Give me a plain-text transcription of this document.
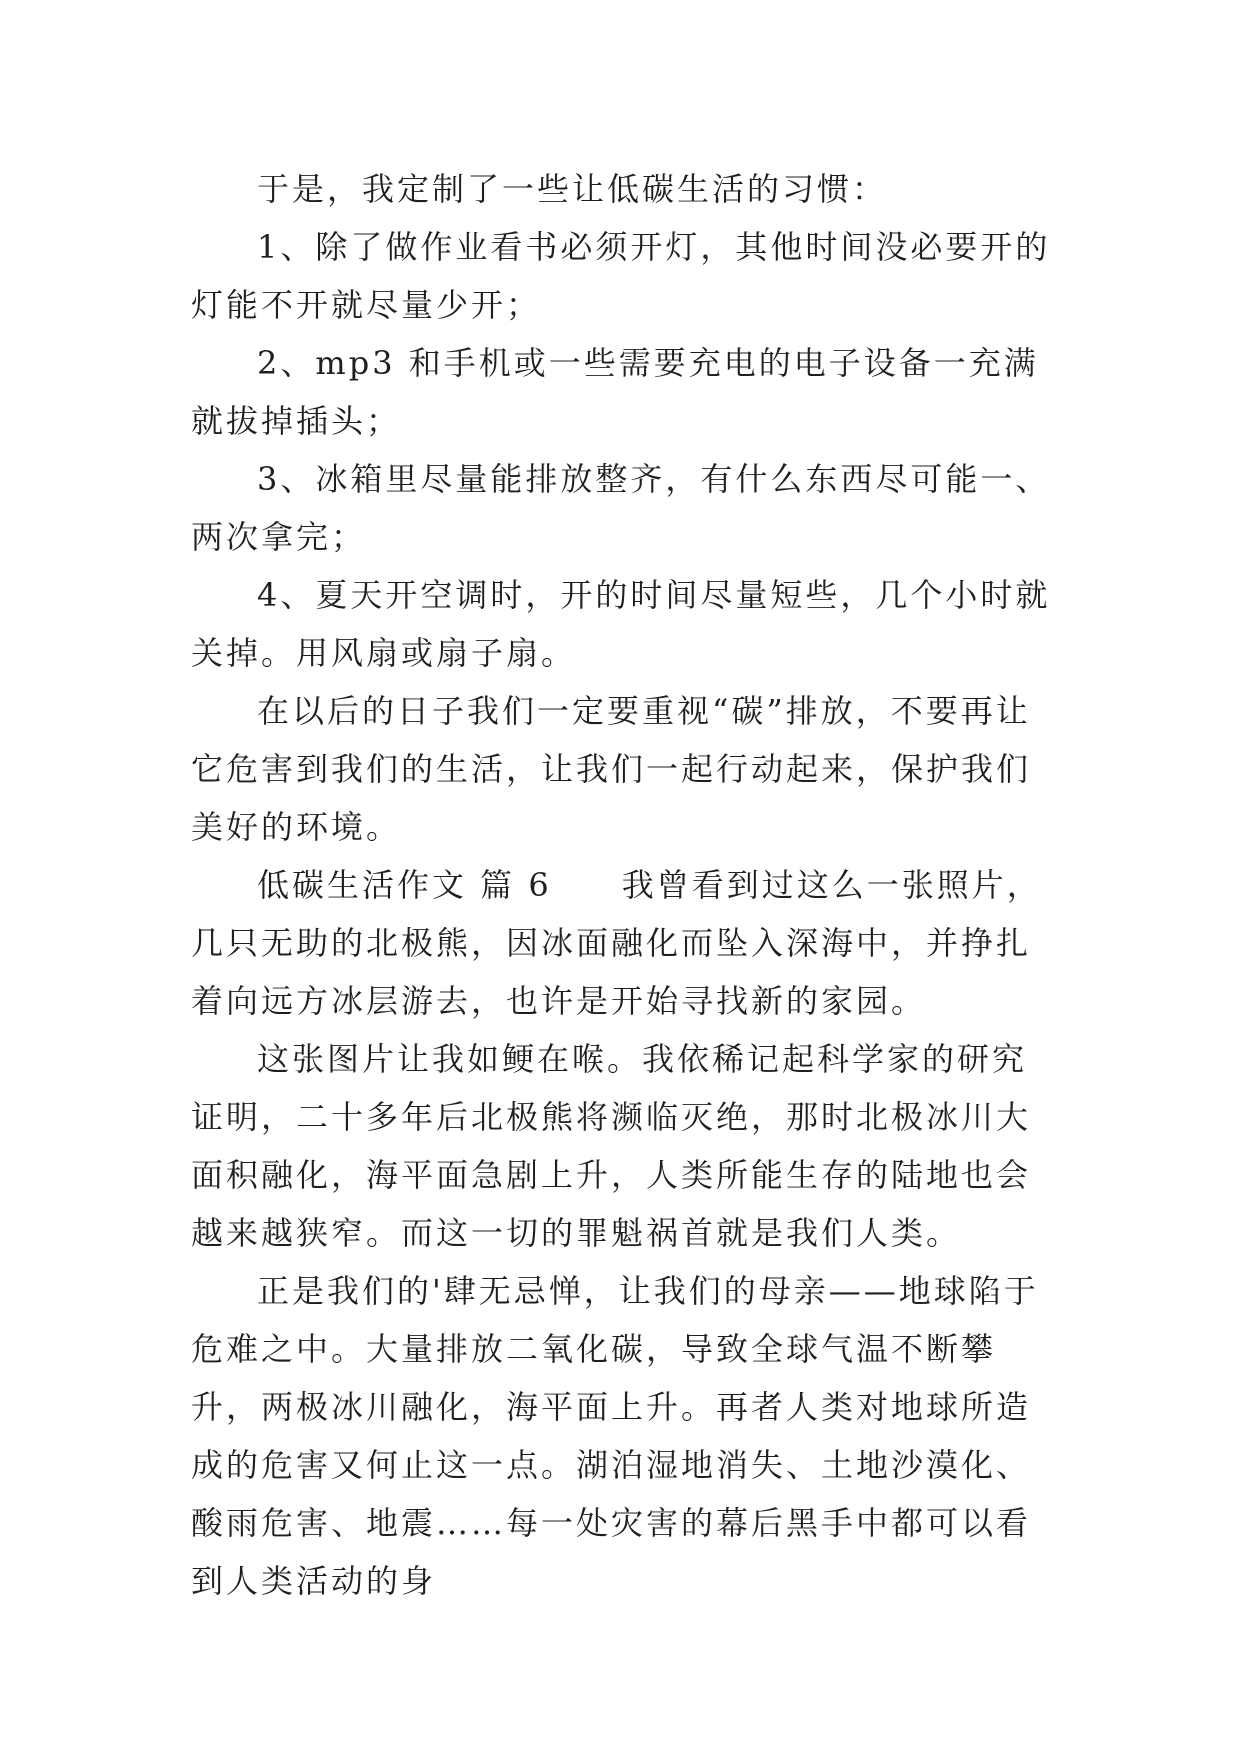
于是，我定制了一些让低碳生活的习惯：

1、除了做作业看书必须开灯，其他时间没必要开的灯能不开就尽量少开；

2、mp3 和手机或一些需要充电的电子设备一充满就拔掉插头；

3、冰箱里尽量能排放整齐，有什么东西尽可能一、两次拿完；

4、夏天开空调时，开的时间尽量短些，几个小时就关掉。用风扇或扇子扇。

在以后的日子我们一定要重视“碳”排放，不要再让它危害到我们的生活，让我们一起行动起来，保护我们美好的环境。

低碳生活作文 篇 6　　我曾看到过这么一张照片，几只无助的北极熊，因冰面融化而坠入深海中，并挣扎着向远方冰层游去，也许是开始寻找新的家园。

这张图片让我如鲠在喉。我依稀记起科学家的研究证明，二十多年后北极熊将濒临灭绝，那时北极冰川大面积融化，海平面急剧上升，人类所能生存的陆地也会越来越狭窄。而这一切的罪魁祸首就是我们人类。

正是我们的'肆无忌惮，让我们的母亲——地球陷于危难之中。大量排放二氧化碳，导致全球气温不断攀升，两极冰川融化，海平面上升。再者人类对地球所造成的危害又何止这一点。湖泊湿地消失、土地沙漠化、酸雨危害、地震……每一处灾害的幕后黑手中都可以看到人类活动的身
